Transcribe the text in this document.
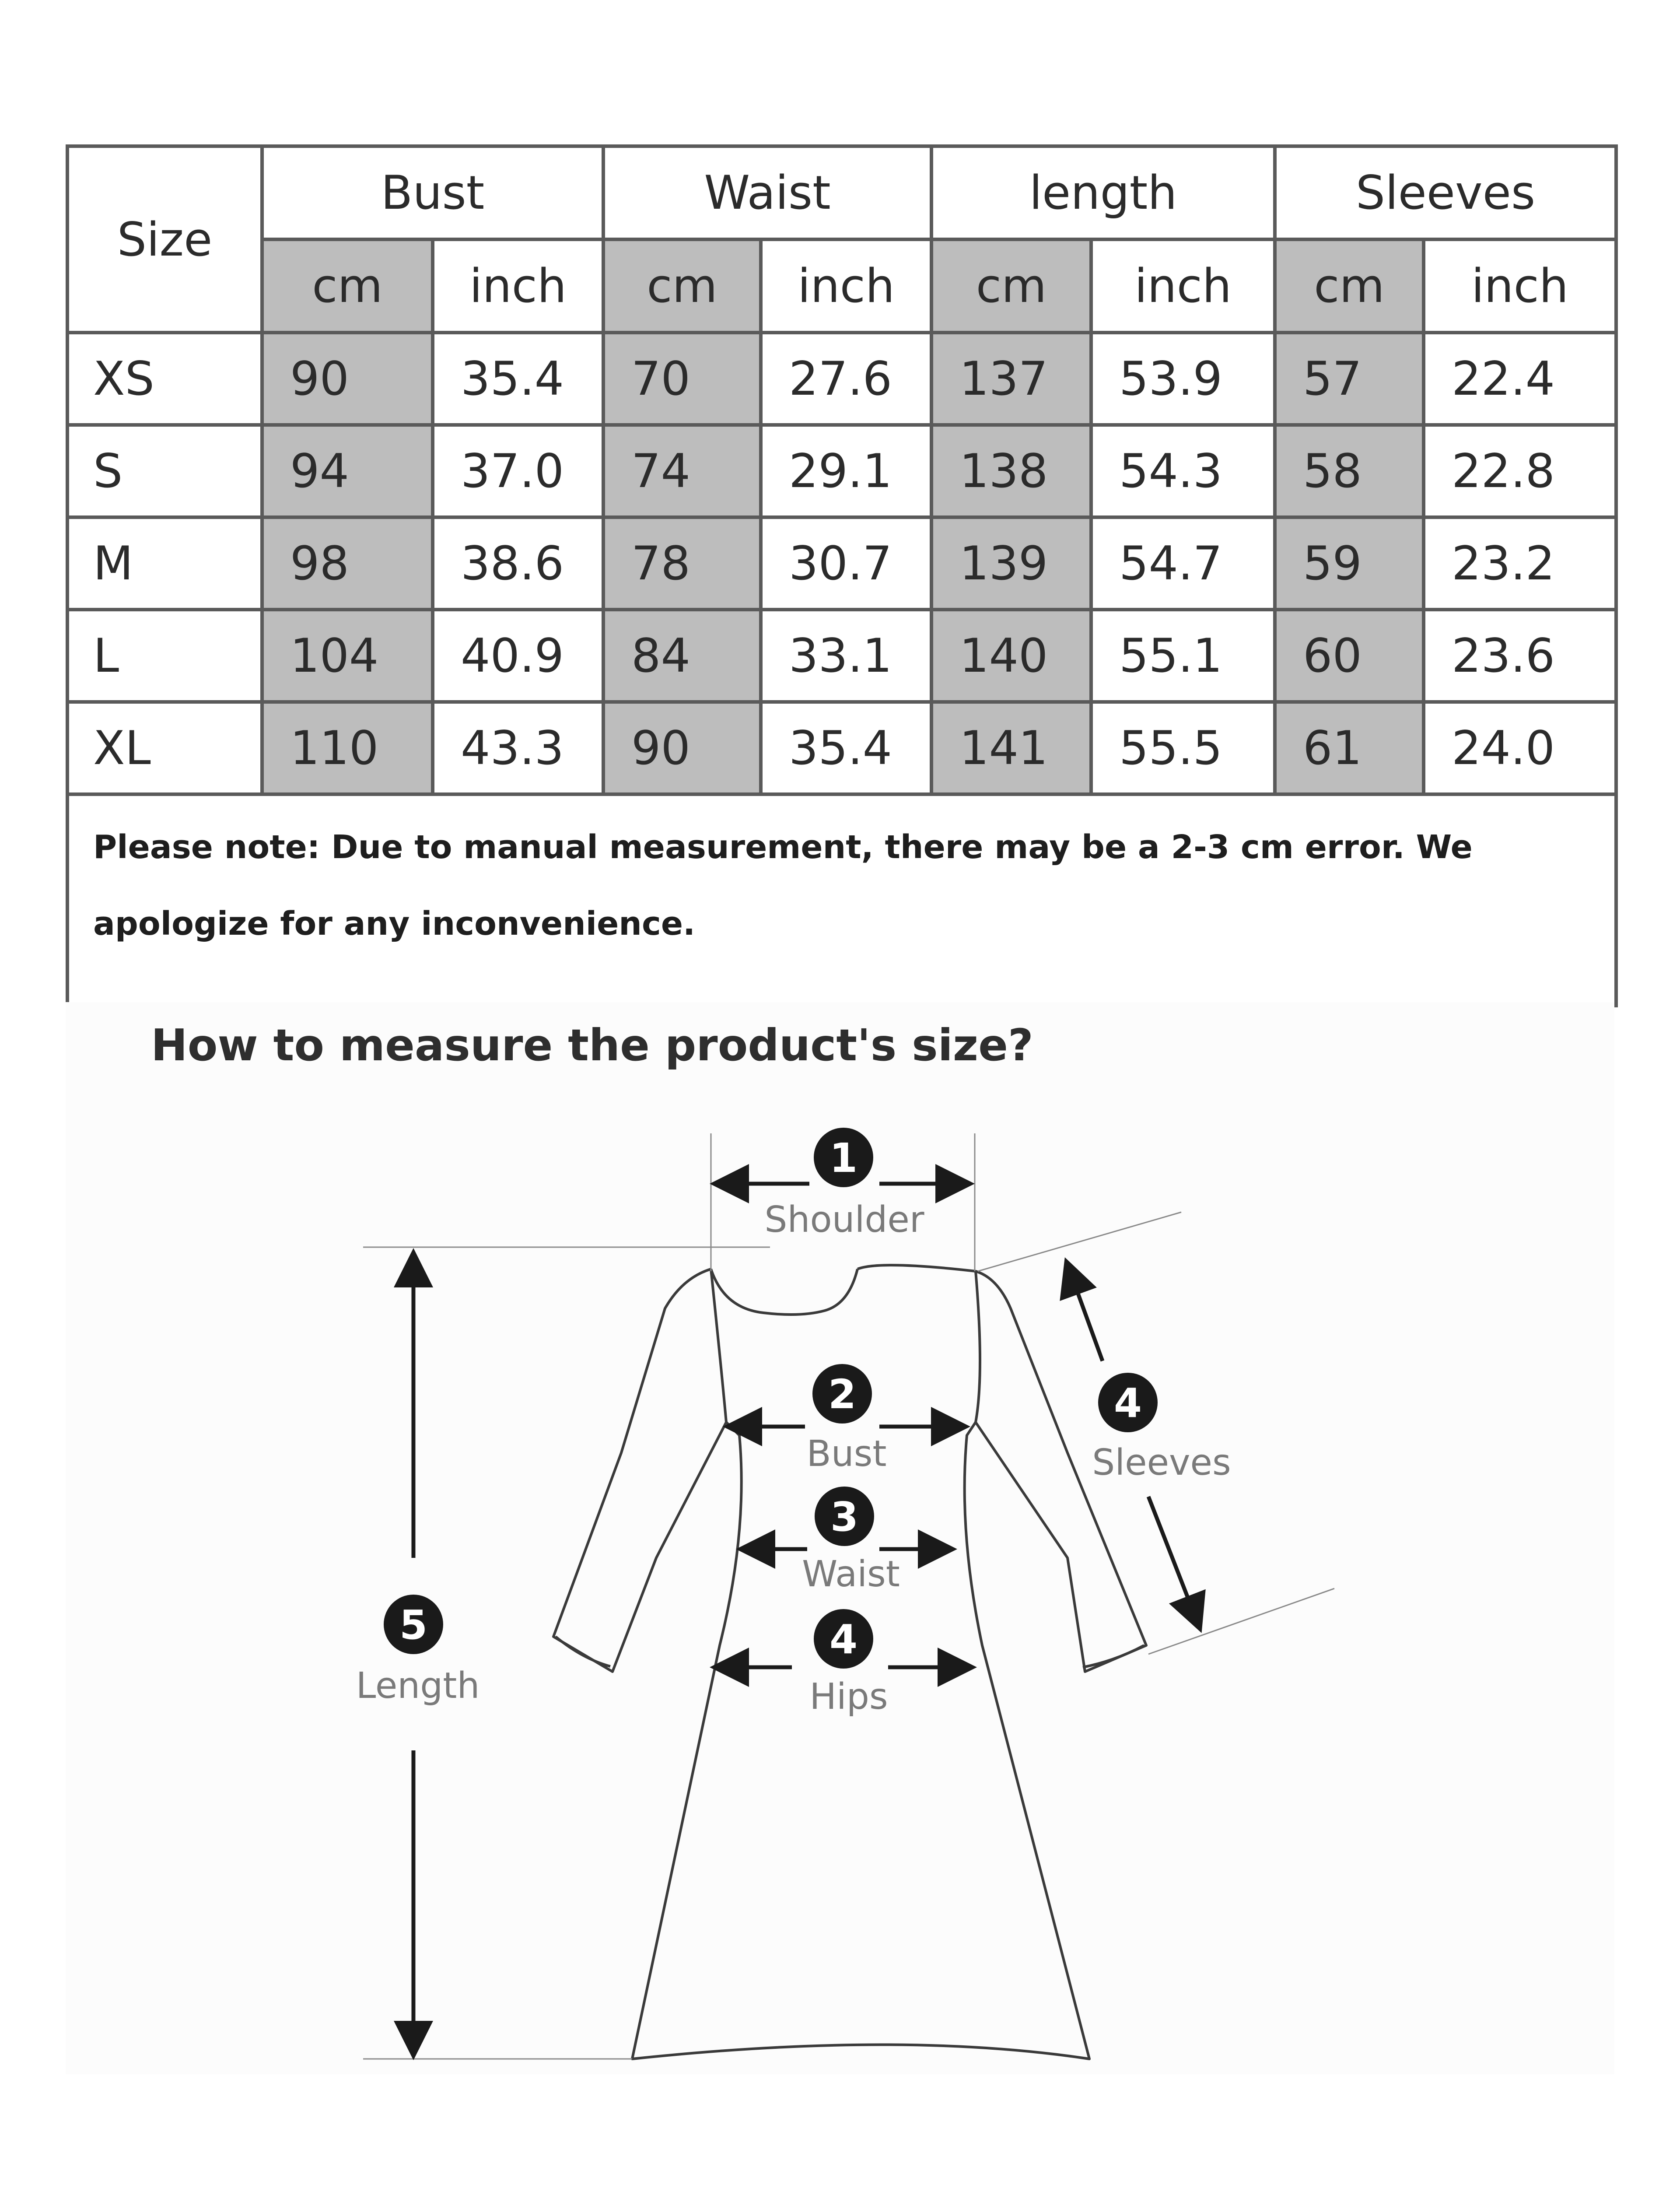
Size	Bust		Waist		length		Sleeves	
	cm	inch	cm	inch	cm	inch	cm	inch
XS	90	35.4	70	27.6	137	53.9	57	22.4
S	94	37.0	74	29.1	138	54.3	58	22.8
M	98	38.6	78	30.7	139	54.7	59	23.2
L	104	40.9	84	33.1	140	55.1	60	23.6
XL	110	43.3	90	35.4	141	55.5	61	24.0
Please note: Due to manual measurement, there may be a 2-3 cm error. We apologize for any inconvenience.								
How to measure the product's size?
1
Shoulder
2
Bust
3
Waist
4
Hips
4
Sleeves
5
Length
